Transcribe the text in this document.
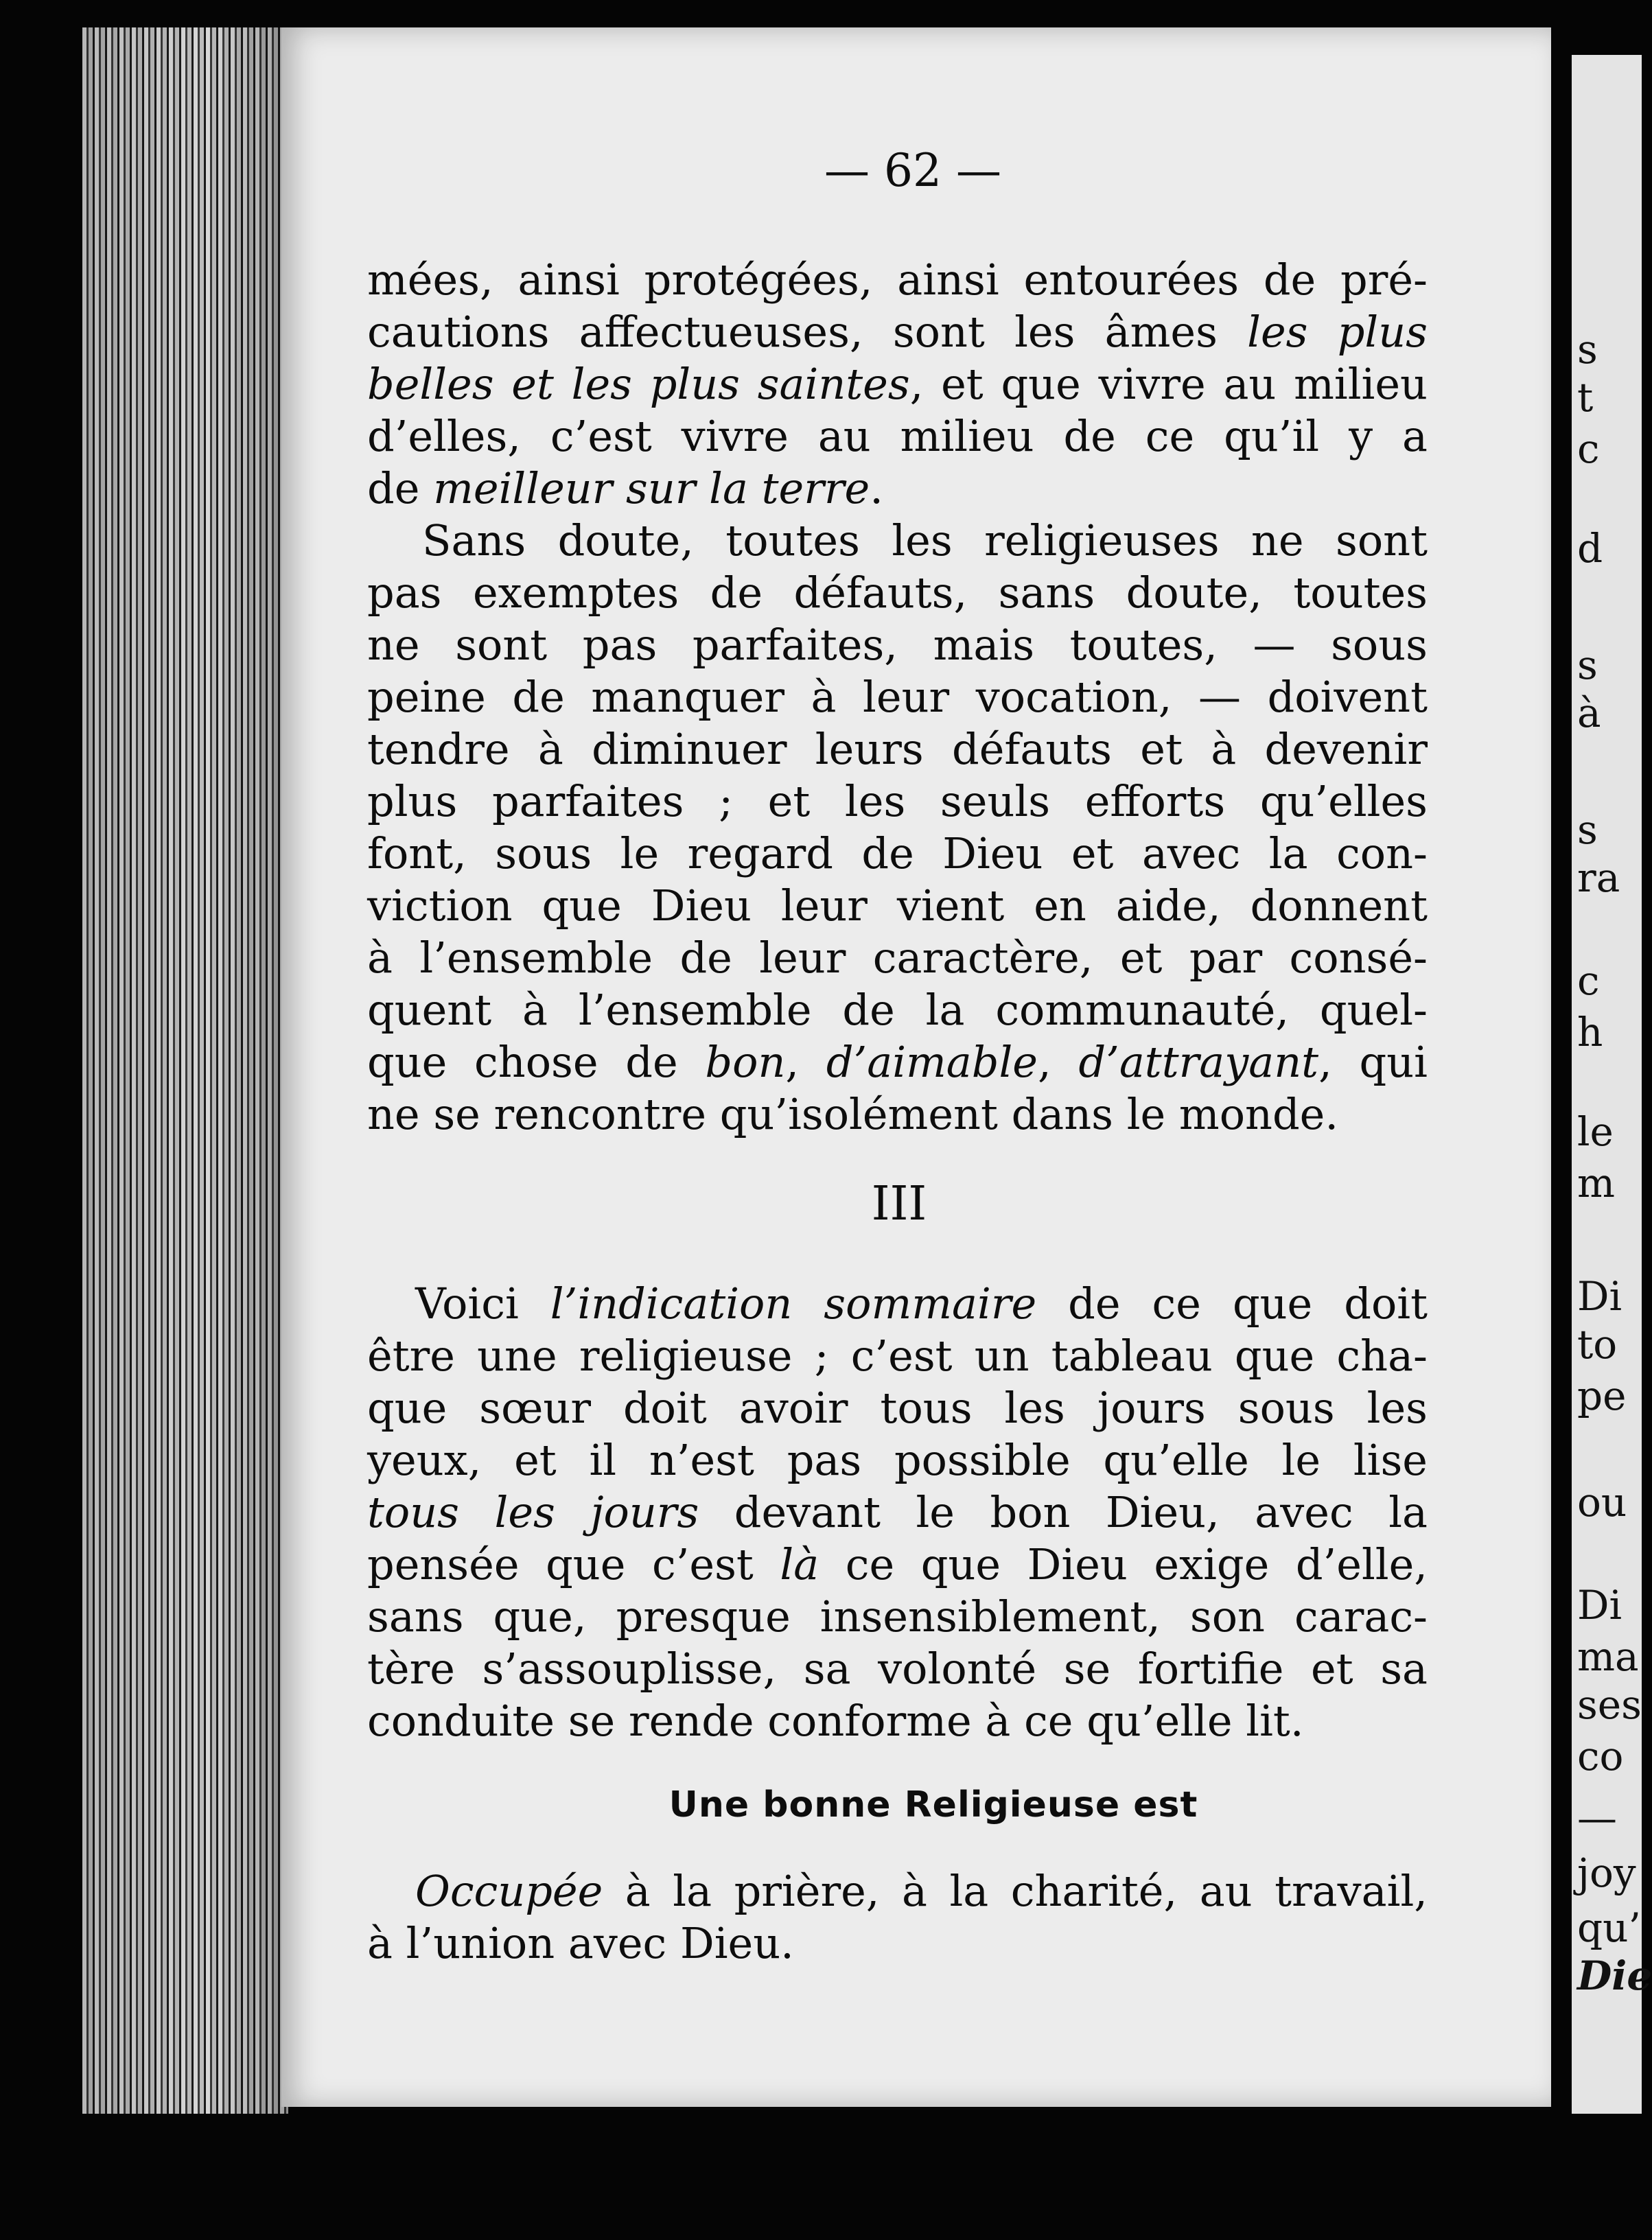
s
t
c
d
s
à
s
ra
c
h
le
m
Di
to
pe
ou
Di
ma
ses
co
—
joy
qu’
Die
— 62 —
mées, ainsi protégées, ainsi entourées de pré-
cautions affectueuses, sont les âmes les plus
belles et les plus saintes, et que vivre au milieu
d’elles, c’est vivre au milieu de ce qu’il y a
de meilleur sur la terre.
Sans doute, toutes les religieuses ne sont
pas exemptes de défauts, sans doute, toutes
ne sont pas parfaites, mais toutes, — sous
peine de manquer à leur vocation, — doivent
tendre à diminuer leurs défauts et à devenir
plus parfaites ; et les seuls efforts qu’elles
font, sous le regard de Dieu et avec la con-
viction que Dieu leur vient en aide, donnent
à l’ensemble de leur caractère, et par consé-
quent à l’ensemble de la communauté, quel-
que chose de bon, d’aimable, d’attrayant, qui
ne se rencontre qu’isolément dans le monde.
III
Voici l’indication sommaire de ce que doit
être une religieuse ; c’est un tableau que cha-
que sœur doit avoir tous les jours sous les
yeux, et il n’est pas possible qu’elle le lise
tous les jours devant le bon Dieu, avec la
pensée que c’est là ce que Dieu exige d’elle,
sans que, presque insensiblement, son carac-
tère s’assouplisse, sa volonté se fortifie et sa
conduite se rende conforme à ce qu’elle lit.
Une bonne Religieuse est
Occupée à la prière, à la charité, au travail,
à l’union avec Dieu.
